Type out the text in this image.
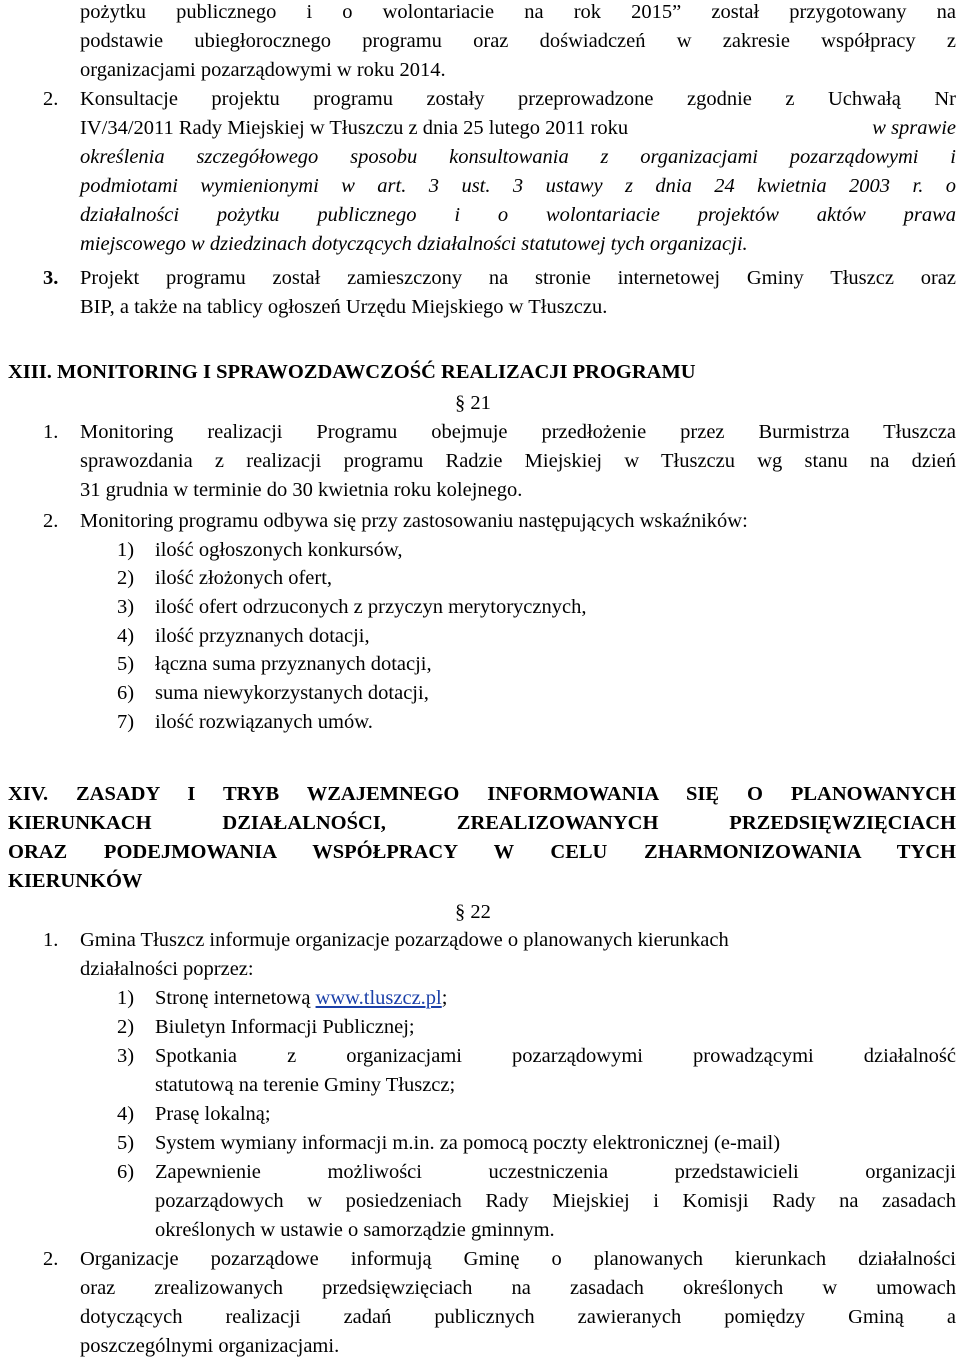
pożytku publicznego i o wolontariacie na rok 2015” został przygotowany na
podstawie ubiegłorocznego programu oraz doświadczeń w zakresie współpracy z
organizacjami pozarządowymi w roku 2014.
2. Konsultacje projektu programu zostały przeprowadzone zgodnie z Uchwałą Nr
IV/34/2011 Rady Miejskiej w Tłuszczu z dnia 25 lutego 2011 roku	w sprawie
określenia szczegółowego sposobu konsultowania z organizacjami pozarządowymi i
podmiotami wymienionymi w art. 3 ust. 3 ustawy z dnia 24 kwietnia 2003 r. o
działalności pożytku publicznego i o wolontariacie projektów aktów prawa
miejscowego w dziedzinach dotyczących działalności statutowej tych organizacji.
3. Projekt programu został zamieszczony na stronie internetowej Gminy Tłuszcz oraz
BIP, a także na tablicy ogłoszeń Urzędu Miejskiego w Tłuszczu.
XIII. MONITORING I SPRAWOZDAWCZOŚĆ REALIZACJI PROGRAMU
§ 21
1. Monitoring realizacji Programu obejmuje przedłożenie przez Burmistrza Tłuszcza
sprawozdania z realizacji programu Radzie Miejskiej w Tłuszczu wg stanu na dzień
31 grudnia w terminie do 30 kwietnia roku kolejnego.
2. Monitoring programu odbywa się przy zastosowaniu następujących wskaźników:
1) ilość ogłoszonych konkursów,
2) ilość złożonych ofert,
3) ilość ofert odrzuconych z przyczyn merytorycznych,
4) ilość przyznanych dotacji,
5) łączna suma przyznanych dotacji,
6) suma niewykorzystanych dotacji,
7) ilość rozwiązanych umów.
XIV. ZASADY I TRYB WZAJEMNEGO INFORMOWANIA SIĘ O PLANOWANYCH
KIERUNKACH DZIAŁALNOŚCI, ZREALIZOWANYCH PRZEDSIĘWZIĘCIACH
ORAZ PODEJMOWANIA WSPÓŁPRACY W CELU ZHARMONIZOWANIA TYCH
KIERUNKÓW
§ 22
1. Gmina Tłuszcz informuje organizacje pozarządowe o planowanych kierunkach
działalności poprzez:
1) Stronę internetową www.tluszcz.pl;
2) Biuletyn Informacji Publicznej;
3) Spotkania z organizacjami pozarządowymi prowadzącymi działalność
statutową na terenie Gminy Tłuszcz;
4) Prasę lokalną;
5) System wymiany informacji m.in. za pomocą poczty elektronicznej (e-mail)
6) Zapewnienie możliwości uczestniczenia przedstawicieli organizacji
pozarządowych w posiedzeniach Rady Miejskiej i Komisji Rady na zasadach
określonych w ustawie o samorządzie gminnym.
2. Organizacje pozarządowe informują Gminę o planowanych kierunkach działalności
oraz zrealizowanych przedsięwzięciach na zasadach określonych w umowach
dotyczących realizacji zadań publicznych zawieranych pomiędzy Gminą a
poszczególnymi organizacjami.
